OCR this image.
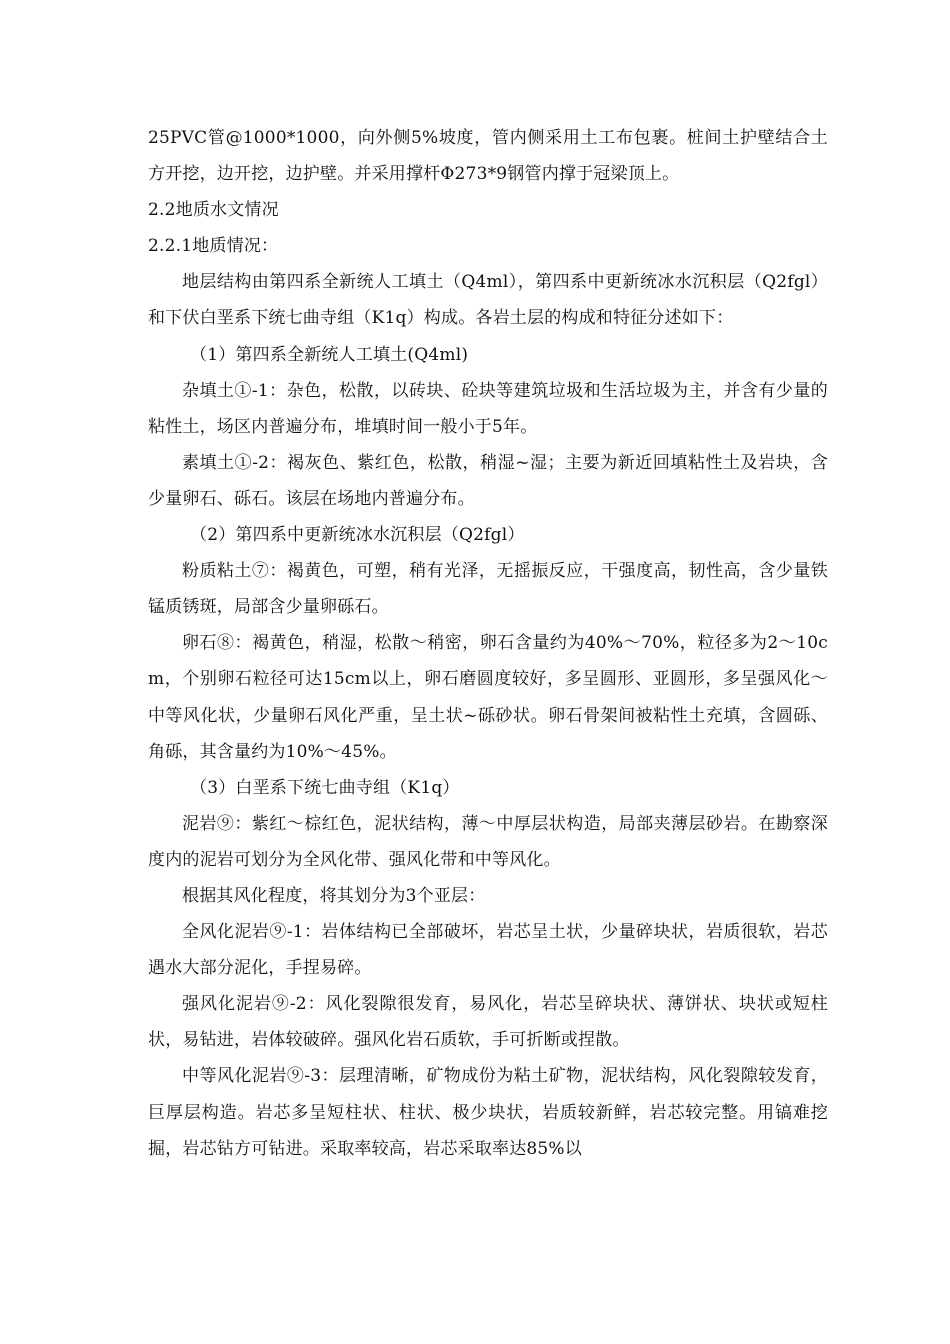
25PVC管@1000*1000，向外侧5%坡度，管内侧采用土工布包裹。桩间土护壁结合土方开挖，边开挖，边护壁。并采用撑杆Φ273*9钢管内撑于冠梁顶上。

2.2地质水文情况

2.2.1地质情况：

地层结构由第四系全新统人工填土（Q4ml），第四系中更新统冰水沉积层（Q2fgl）和下伏白垩系下统七曲寺组（K1q）构成。各岩土层的构成和特征分述如下：

（1）第四系全新统人工填土(Q4ml)

杂填土①-1：杂色，松散，以砖块、砼块等建筑垃圾和生活垃圾为主，并含有少量的粘性土，场区内普遍分布，堆填时间一般小于5年。

素填土①-2：褐灰色、紫红色，松散，稍湿~湿；主要为新近回填粘性土及岩块，含少量卵石、砾石。该层在场地内普遍分布。

（2）第四系中更新统冰水沉积层（Q2fgl）

粉质粘土⑦：褐黄色，可塑，稍有光泽，无摇振反应，干强度高，韧性高，含少量铁锰质锈斑，局部含少量卵砾石。

卵石⑧：褐黄色，稍湿，松散～稍密，卵石含量约为40%～70%，粒径多为2～10cm，个别卵石粒径可达15cm以上，卵石磨圆度较好，多呈圆形、亚圆形，多呈强风化～中等风化状，少量卵石风化严重，呈土状~砾砂状。卵石骨架间被粘性土充填，含圆砾、角砾，其含量约为10%～45%。

（3）白垩系下统七曲寺组（K1q）

泥岩⑨：紫红～棕红色，泥状结构，薄～中厚层状构造，局部夹薄层砂岩。在勘察深度内的泥岩可划分为全风化带、强风化带和中等风化。

根据其风化程度，将其划分为3个亚层：

全风化泥岩⑨-1：岩体结构已全部破坏，岩芯呈土状，少量碎块状，岩质很软，岩芯遇水大部分泥化，手捏易碎。

强风化泥岩⑨-2：风化裂隙很发育，易风化，岩芯呈碎块状、薄饼状、块状或短柱状，易钻进，岩体较破碎。强风化岩石质软，手可折断或捏散。

中等风化泥岩⑨-3：层理清晰，矿物成份为粘土矿物，泥状结构，风化裂隙较发育，巨厚层构造。岩芯多呈短柱状、柱状、极少块状，岩质较新鲜，岩芯较完整。用镐难挖掘，岩芯钻方可钻进。采取率较高，岩芯采取率达85%以
